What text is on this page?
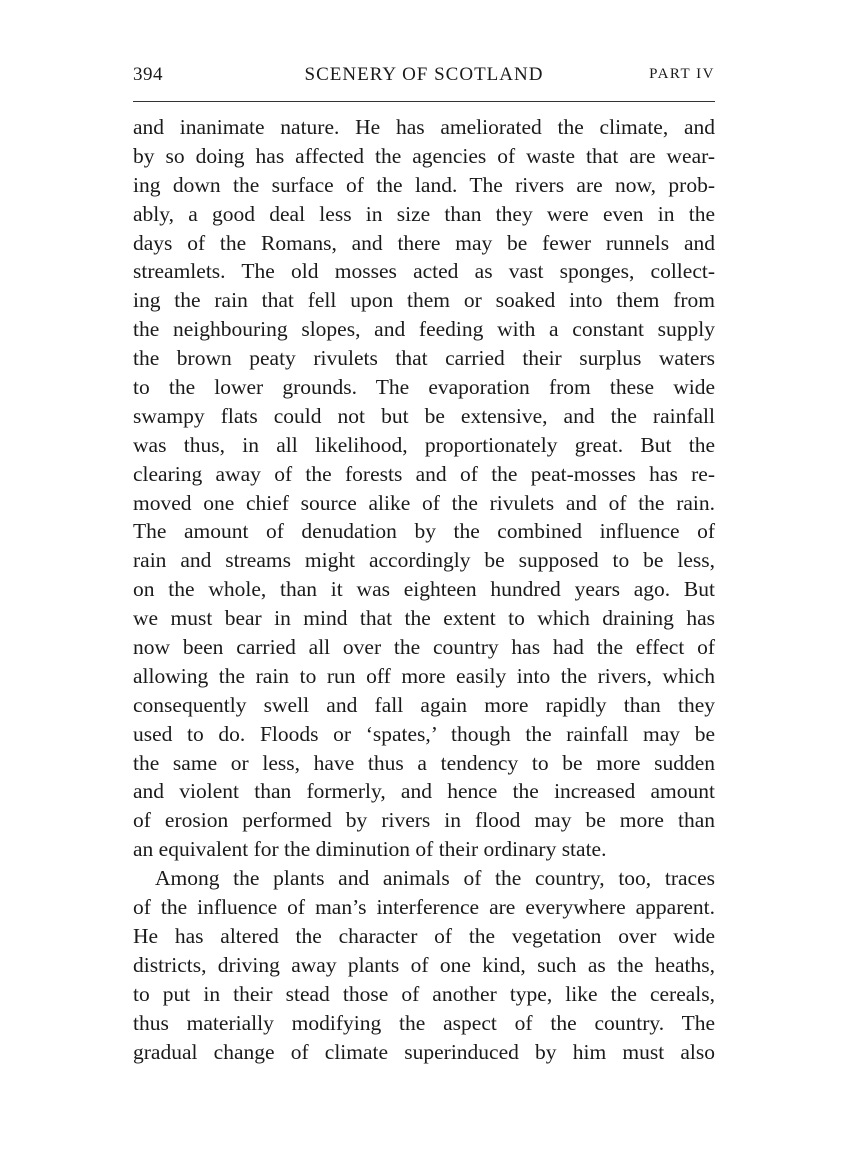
394	SCENERY OF SCOTLAND	PART IV
and inanimate nature. He has ameliorated the climate, and
by so doing has affected the agencies of waste that are wear-
ing down the surface of the land. The rivers are now, prob-
ably, a good deal less in size than they were even in the
days of the Romans, and there may be fewer runnels and
streamlets. The old mosses acted as vast sponges, collect-
ing the rain that fell upon them or soaked into them from
the neighbouring slopes, and feeding with a constant supply
the brown peaty rivulets that carried their surplus waters
to the lower grounds. The evaporation from these wide
swampy flats could not but be extensive, and the rainfall
was thus, in all likelihood, proportionately great. But the
clearing away of the forests and of the peat-mosses has re-
moved one chief source alike of the rivulets and of the rain.
The amount of denudation by the combined influence of
rain and streams might accordingly be supposed to be less,
on the whole, than it was eighteen hundred years ago. But
we must bear in mind that the extent to which draining has
now been carried all over the country has had the effect of
allowing the rain to run off more easily into the rivers, which
consequently swell and fall again more rapidly than they
used to do. Floods or ‘spates,’ though the rainfall may be
the same or less, have thus a tendency to be more sudden
and violent than formerly, and hence the increased amount
of erosion performed by rivers in flood may be more than
an equivalent for the diminution of their ordinary state.
Among the plants and animals of the country, too, traces
of the influence of man’s interference are everywhere apparent.
He has altered the character of the vegetation over wide
districts, driving away plants of one kind, such as the heaths,
to put in their stead those of another type, like the cereals,
thus materially modifying the aspect of the country. The
gradual change of climate superinduced by him must also
